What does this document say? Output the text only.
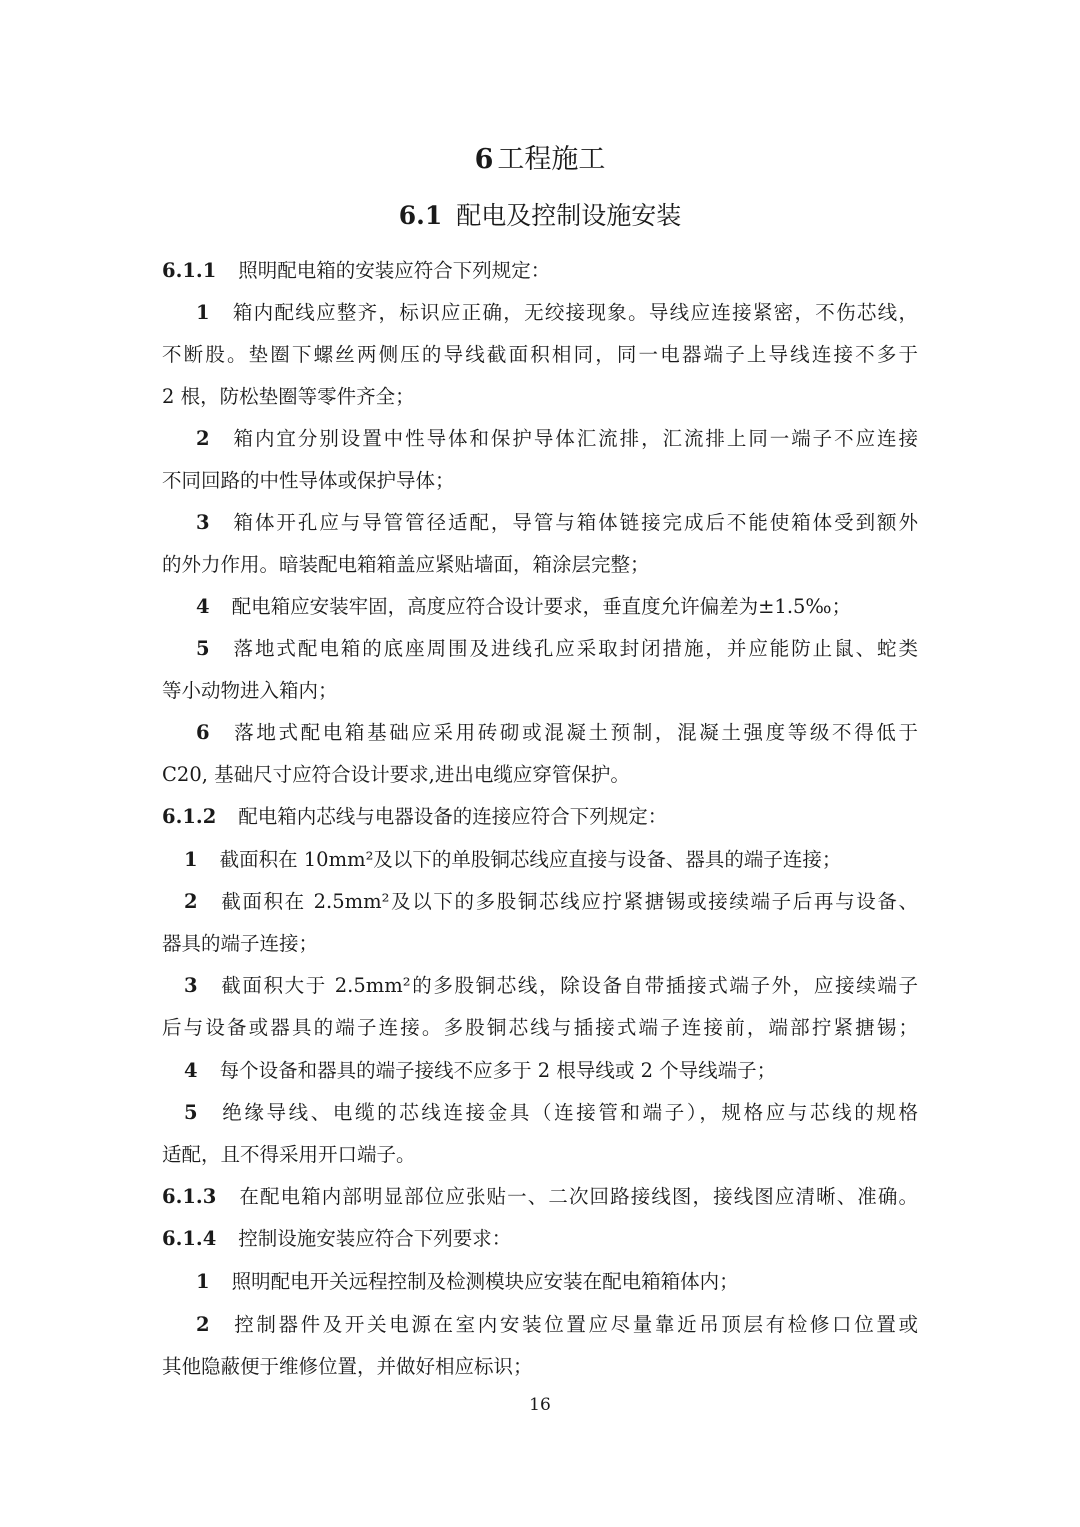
6 工程施工
6.1 配电及控制设施安装
6.1.1 照明配电箱的安装应符合下列规定：
1 箱内配线应整齐，标识应正确，无绞接现象。导线应连接紧密，不伤芯线，
不断股。垫圈下螺丝两侧压的导线截面积相同，同一电器端子上导线连接不多于
2 根，防松垫圈等零件齐全；
2 箱内宜分别设置中性导体和保护导体汇流排，汇流排上同一端子不应连接
不同回路的中性导体或保护导体；
3 箱体开孔应与导管管径适配，导管与箱体链接完成后不能使箱体受到额外
的外力作用。暗装配电箱箱盖应紧贴墙面，箱涂层完整；
4 配电箱应安装牢固，高度应符合设计要求，垂直度允许偏差为±1.5‰；
5 落地式配电箱的底座周围及进线孔应采取封闭措施，并应能防止鼠、蛇类
等小动物进入箱内；
6 落地式配电箱基础应采用砖砌或混凝土预制，混凝土强度等级不得低于
C20, 基础尺寸应符合设计要求,进出电缆应穿管保护。
6.1.2 配电箱内芯线与电器设备的连接应符合下列规定：
1 截面积在 10mm²及以下的单股铜芯线应直接与设备、器具的端子连接；
2 截面积在 2.5mm²及以下的多股铜芯线应拧紧搪锡或接续端子后再与设备、
器具的端子连接；
3 截面积大于 2.5mm²的多股铜芯线，除设备自带插接式端子外，应接续端子
后与设备或器具的端子连接。多股铜芯线与插接式端子连接前，端部拧紧搪锡；
4 每个设备和器具的端子接线不应多于 2 根导线或 2 个导线端子；
5 绝缘导线、电缆的芯线连接金具（连接管和端子），规格应与芯线的规格
适配，且不得采用开口端子。
6.1.3 在配电箱内部明显部位应张贴一、二次回路接线图，接线图应清晰、准确。
6.1.4 控制设施安装应符合下列要求：
1 照明配电开关远程控制及检测模块应安装在配电箱箱体内；
2 控制器件及开关电源在室内安装位置应尽量靠近吊顶层有检修口位置或
其他隐蔽便于维修位置，并做好相应标识；
16
